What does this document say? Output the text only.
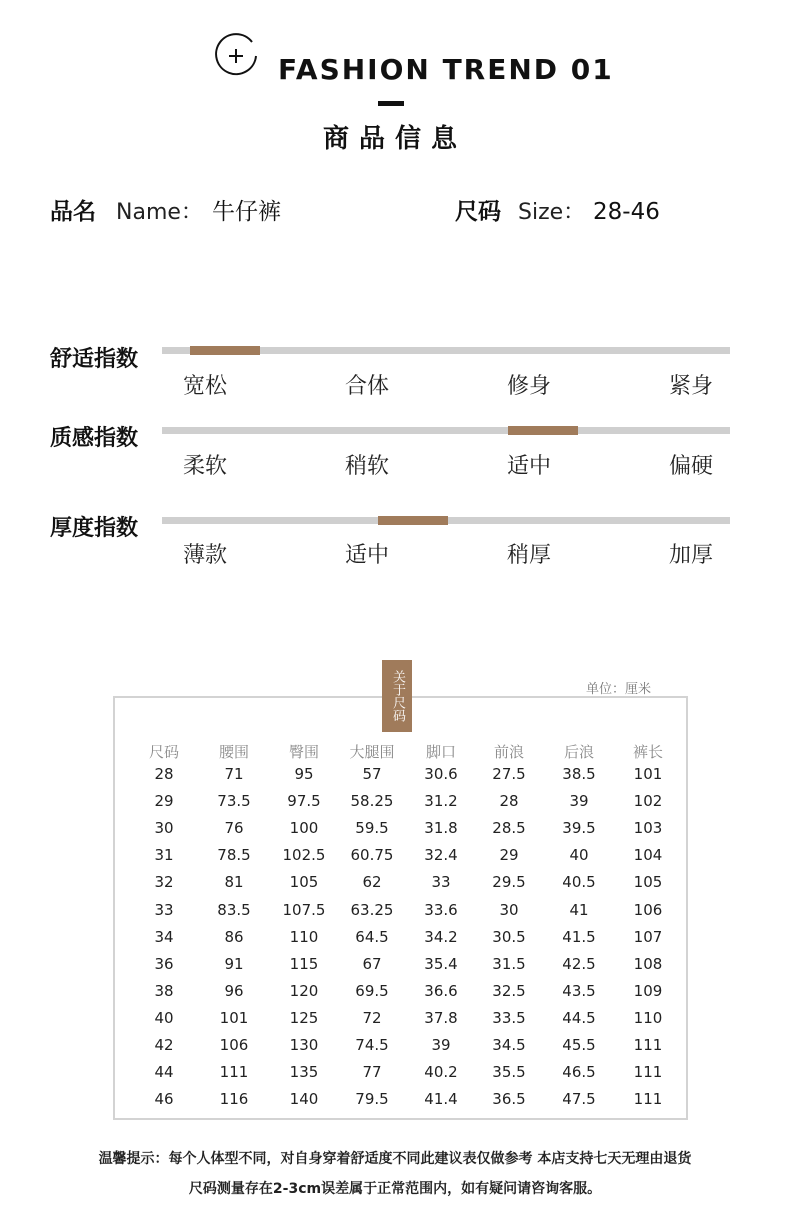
FASHION TREND 01
商品信息
品名 Name： 牛仔裤	尺码 Size： 28-46
舒适指数
宽松	合体	修身	紧身
质感指数
柔软	稍软	适中	偏硬
厚度指数
薄款	适中	稍厚	加厚
关于尺码	单位：厘米
尺码	腰围	臀围	大腿围	脚口	前浪	后浪	裤长
28	71	95	57	30.6	27.5	38.5	101
29	73.5	97.5	58.25	31.2	28	39	102
30	76	100	59.5	31.8	28.5	39.5	103
31	78.5	102.5	60.75	32.4	29	40	104
32	81	105	62	33	29.5	40.5	105
33	83.5	107.5	63.25	33.6	30	41	106
34	86	110	64.5	34.2	30.5	41.5	107
36	91	115	67	35.4	31.5	42.5	108
38	96	120	69.5	36.6	32.5	43.5	109
40	101	125	72	37.8	33.5	44.5	110
42	106	130	74.5	39	34.5	45.5	111
44	111	135	77	40.2	35.5	46.5	111
46	116	140	79.5	41.4	36.5	47.5	111
温馨提示：每个人体型不同，对自身穿着舒适度不同此建议表仅做参考 本店支持七天无理由退货
尺码测量存在2-3cm误差属于正常范围内，如有疑问请咨询客服。
